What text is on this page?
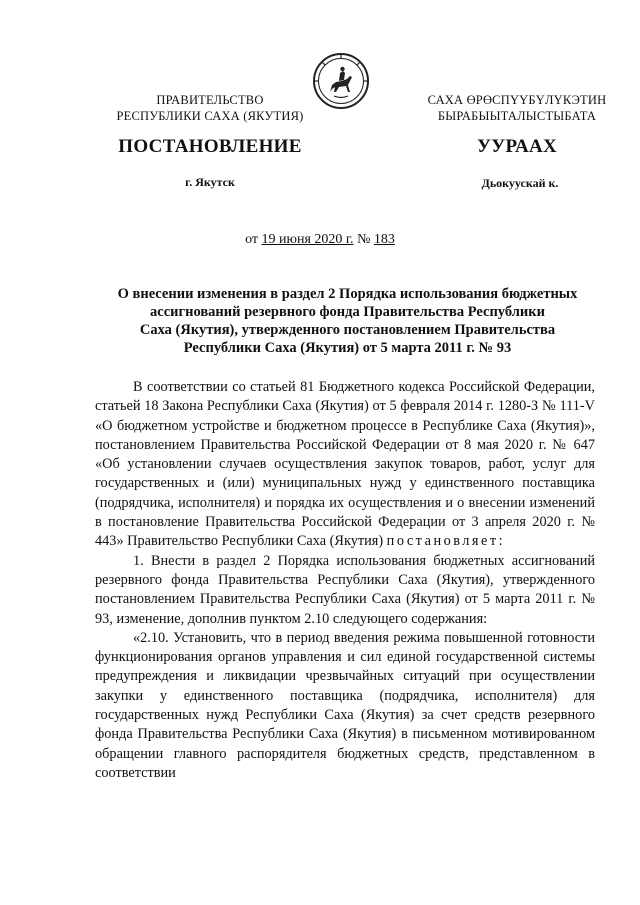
ПРАВИТЕЛЬСТВО
РЕСПУБЛИКИ САХА (ЯКУТИЯ)
САХА ӨРӨСПҮҮБҮЛҮКЭТИН
БЫРАБЫЫТАЛЫСТЫБАТА
ПОСТАНОВЛЕНИЕ	УУРААХ
г. Якутск	Дьокуускай к.
от 19 июня 2020 г. № 183
О внесении изменения в раздел 2 Порядка использования бюджетных
ассигнований резервного фонда Правительства Республики
Саха (Якутия), утвержденного постановлением Правительства
Республики Саха (Якутия) от 5 марта 2011 г. № 93

В соответствии со статьей 81 Бюджетного кодекса Российской Федерации, статьей 18 Закона Республики Саха (Якутия) от 5 февраля 2014 г. 1280-З № 111-V «О бюджетном устройстве и бюджетном процессе в Республике Саха (Якутия)», постановлением Правительства Российской Федерации от 8 мая 2020 г. № 647 «Об установлении случаев осуществления закупок товаров, работ, услуг для государственных и (или) муниципальных нужд у единственного поставщика (подрядчика, исполнителя) и порядка их осуществления и о внесении изменений в постановление Правительства Российской Федерации от 3 апреля 2020 г. № 443» Правительство Республики Саха (Якутия) постановляет:

1. Внести в раздел 2 Порядка использования бюджетных ассигнований резервного фонда Правительства Республики Саха (Якутия), утвержденного постановлением Правительства Республики Саха (Якутия) от 5 марта 2011 г. № 93, изменение, дополнив пунктом 2.10 следующего содержания:

«2.10. Установить, что в период введения режима повышенной готовности функционирования органов управления и сил единой государственной системы предупреждения и ликвидации чрезвычайных ситуаций при осуществлении закупки у единственного поставщика (подрядчика, исполнителя) для государственных нужд Республики Саха (Якутия) за счет средств резервного фонда Правительства Республики Саха (Якутия) в письменном мотивированном обращении главного распорядителя бюджетных средств, представленном в соответствии
